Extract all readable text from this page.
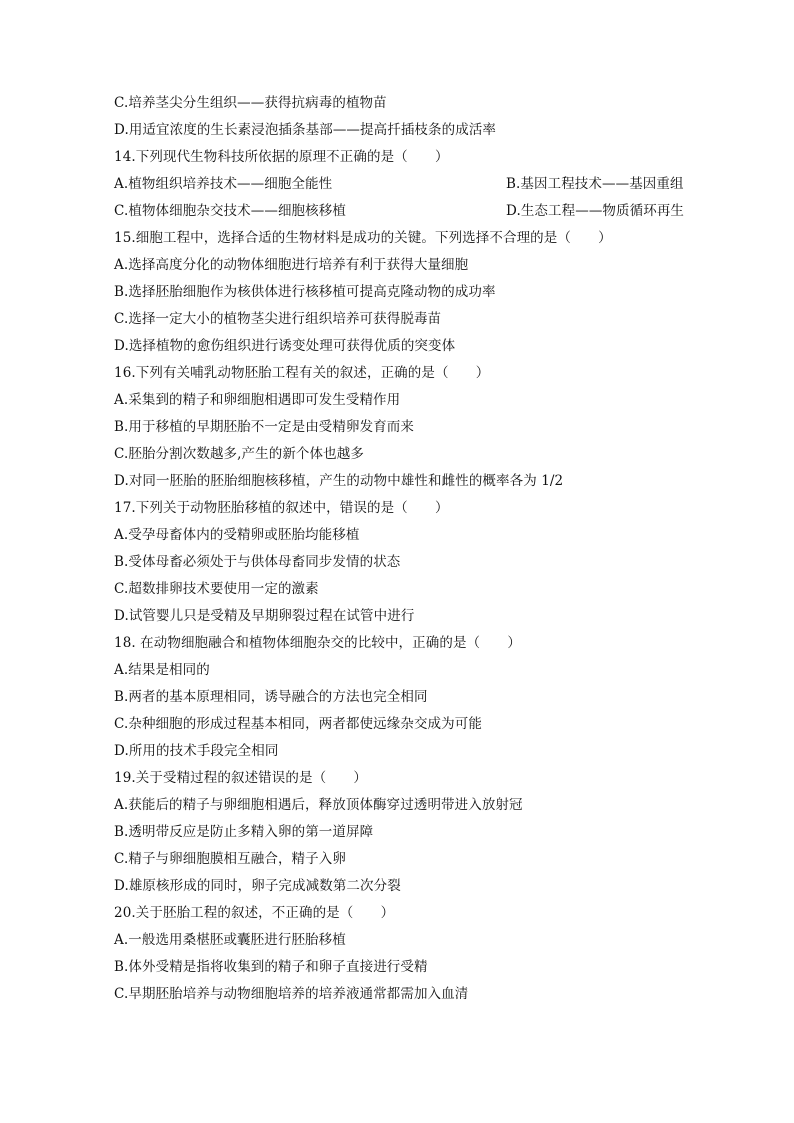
C.培养茎尖分生组织——获得抗病毒的植物苗
D.用适宜浓度的生长素浸泡插条基部——提高扦插枝条的成活率
14.下列现代生物科技所依据的原理不正确的是（　　）
A.植物组织培养技术——细胞全能性	B.基因工程技术——基因重组
C.植物体细胞杂交技术——细胞核移植	D.生态工程——物质循环再生
15.细胞工程中，选择合适的生物材料是成功的关键。下列选择不合理的是（　　）
A.选择高度分化的动物体细胞进行培养有利于获得大量细胞
B.选择胚胎细胞作为核供体进行核移植可提高克隆动物的成功率
C.选择一定大小的植物茎尖进行组织培养可获得脱毒苗
D.选择植物的愈伤组织进行诱变处理可获得优质的突变体
16.下列有关哺乳动物胚胎工程有关的叙述，正确的是（　　）
A.采集到的精子和卵细胞相遇即可发生受精作用
B.用于移植的早期胚胎不一定是由受精卵发育而来
C.胚胎分割次数越多,产生的新个体也越多
D.对同一胚胎的胚胎细胞核移植，产生的动物中雄性和雌性的概率各为 1/2
17.下列关于动物胚胎移植的叙述中，错误的是（　　）
A.受孕母畜体内的受精卵或胚胎均能移植
B.受体母畜必须处于与供体母畜同步发情的状态
C.超数排卵技术要使用一定的激素
D.试管婴儿只是受精及早期卵裂过程在试管中进行
18. 在动物细胞融合和植物体细胞杂交的比较中，正确的是（　　）
A.结果是相同的
B.两者的基本原理相同，诱导融合的方法也完全相同
C.杂种细胞的形成过程基本相同，两者都使远缘杂交成为可能
D.所用的技术手段完全相同
19.关于受精过程的叙述错误的是（　　）
A.获能后的精子与卵细胞相遇后，释放顶体酶穿过透明带进入放射冠
B.透明带反应是防止多精入卵的第一道屏障
C.精子与卵细胞膜相互融合，精子入卵
D.雄原核形成的同时，卵子完成减数第二次分裂
20.关于胚胎工程的叙述，不正确的是（　　）
A.一般选用桑椹胚或囊胚进行胚胎移植
B.体外受精是指将收集到的精子和卵子直接进行受精
C.早期胚胎培养与动物细胞培养的培养液通常都需加入血清
